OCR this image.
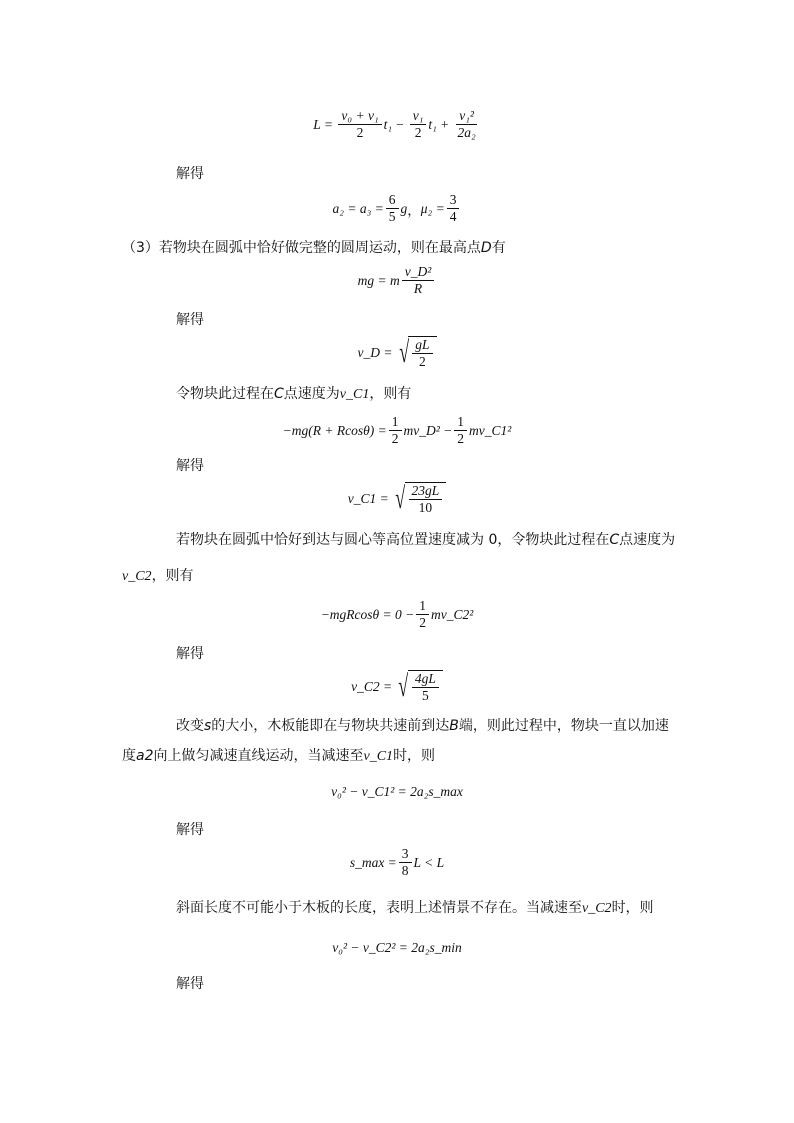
$L = \frac{\text{v₀ + v₁}}{2} t_1 - \frac{\text{v₁}}{2} t_1 + \frac{\text{v₁²}}{\text{2a₂}}$
解得
$a_2 = a_3 = \frac{6}{5}$ g ， $\mu_2 = \frac{3}{4}$
（3）若物块在圆弧中恰好做完整的圆周运动，则在最高点D有
mg = m $\frac{\text{v\_D²}}{R}$
解得
v_D =
√ $\frac{gL}{2}$
令物块此过程在C点速度为v_C1，则有
$-mg(R + Rcos\theta) = \frac{1}{2}$ mv_D² − $\frac{1}{2}$ mv_C1²
解得
v_C1 =
√ $\frac{23gL}{10}$
若物块在圆弧中恰好到达与圆心等高位置速度减为 0，令物块此过程在C点速度为
v_C2，则有
$-mgRcos\theta = 0 - \frac{1}{2}$ mv_C2²
解得
v_C2 =
√ $\frac{4gL}{5}$
改变s的大小，木板能即在与物块共速前到达B端，则此过程中，物块一直以加速
度a2向上做匀减速直线运动，当减速至v_C1时，则
v₀² − v_C1² = 2a₂s_max
解得
s_max = $\frac{3}{8}$ L < L
斜面长度不可能小于木板的长度，表明上述情景不存在。当减速至v_C2时，则
v₀² − v_C2² = 2a₂s_min
解得
